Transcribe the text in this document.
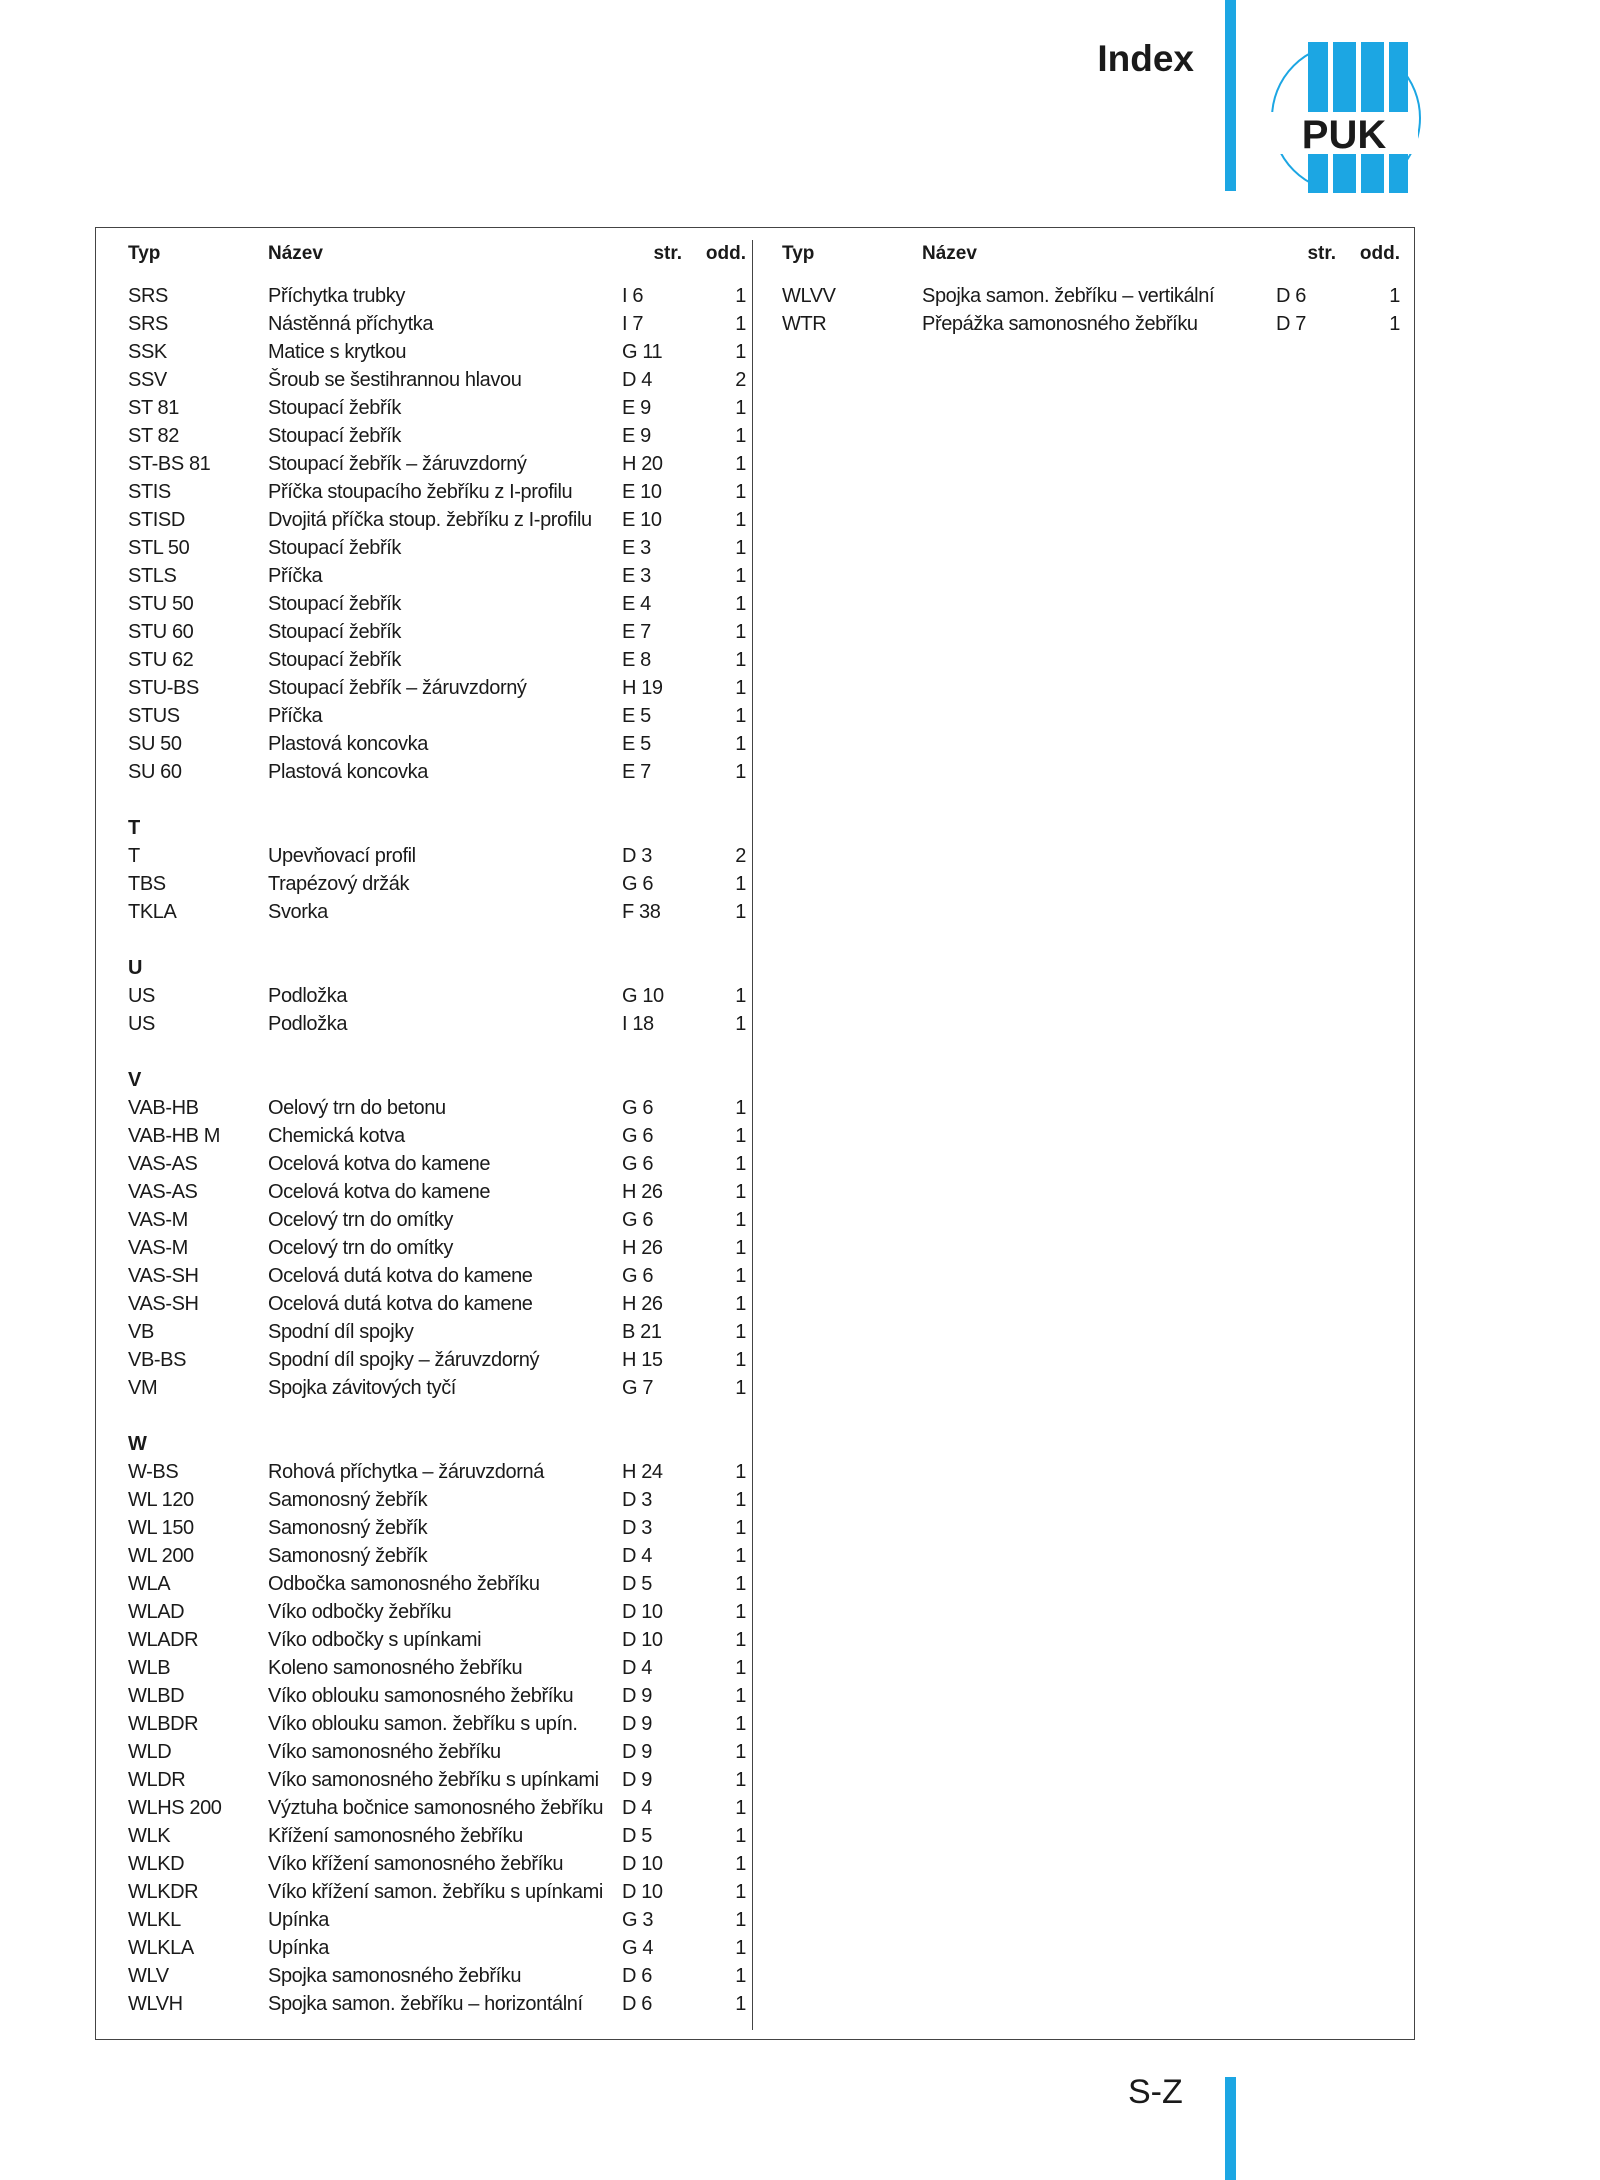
Index
PUK
Typ	Název	str.	odd.
SRS	Příchytka trubky	I 6	1
SRS	Nástěnná příchytka	I 7	1
SSK	Matice s krytkou	G 11	1
SSV	Šroub se šestihrannou hlavou	D 4	2
ST 81	Stoupací žebřík	E 9	1
ST 82	Stoupací žebřík	E 9	1
ST-BS 81	Stoupací žebřík – žáruvzdorný	H 20	1
STIS	Příčka stoupacího žebříku z I-profilu	E 10	1
STISD	Dvojitá příčka stoup. žebříku z I-profilu	E 10	1
STL 50	Stoupací žebřík	E 3	1
STLS	Příčka	E 3	1
STU 50	Stoupací žebřík	E 4	1
STU 60	Stoupací žebřík	E 7	1
STU 62	Stoupací žebřík	E 8	1
STU-BS	Stoupací žebřík – žáruvzdorný	H 19	1
STUS	Příčka	E 5	1
SU 50	Plastová koncovka	E 5	1
SU 60	Plastová koncovka	E 7	1
T
T	Upevňovací profil	D 3	2
TBS	Trapézový držák	G 6	1
TKLA	Svorka	F 38	1
U
US	Podložka	G 10	1
US	Podložka	I 18	1
V
VAB-HB	Oelový trn do betonu	G 6	1
VAB-HB M	Chemická kotva	G 6	1
VAS-AS	Ocelová kotva do kamene	G 6	1
VAS-AS	Ocelová kotva do kamene	H 26	1
VAS-M	Ocelový trn do omítky	G 6	1
VAS-M	Ocelový trn do omítky	H 26	1
VAS-SH	Ocelová dutá kotva do kamene	G 6	1
VAS-SH	Ocelová dutá kotva do kamene	H 26	1
VB	Spodní díl spojky	B 21	1
VB-BS	Spodní díl spojky – žáruvzdorný	H 15	1
VM	Spojka závitových tyčí	G 7	1
W
W-BS	Rohová příchytka – žáruvzdorná	H 24	1
WL 120	Samonosný žebřík	D 3	1
WL 150	Samonosný žebřík	D 3	1
WL 200	Samonosný žebřík	D 4	1
WLA	Odbočka samonosného žebříku	D 5	1
WLAD	Víko odbočky žebříku	D 10	1
WLADR	Víko odbočky s upínkami	D 10	1
WLB	Koleno samonosného žebříku	D 4	1
WLBD	Víko oblouku samonosného žebříku	D 9	1
WLBDR	Víko oblouku samon. žebříku s upín.	D 9	1
WLD	Víko samonosného žebříku	D 9	1
WLDR	Víko samonosného žebříku s upínkami	D 9	1
WLHS 200	Výztuha bočnice samonosného žebříku D 4	1
WLK	Křížení samonosného žebříku	D 5	1
WLKD	Víko křížení samonosného žebříku	D 10	1
WLKDR	Víko křížení samon. žebříku s upínkami D 10	1
WLKL	Upínka	G 3	1
WLKLA	Upínka	G 4	1
WLV	Spojka samonosného žebříku	D 6	1
WLVH	Spojka samon. žebříku – horizontální	D 6	1
Typ	Název	str.	odd.
WLVV	Spojka samon. žebříku – vertikální	D 6	1
WTR	Přepážka samonosného žebříku	D 7	1
S-Z
